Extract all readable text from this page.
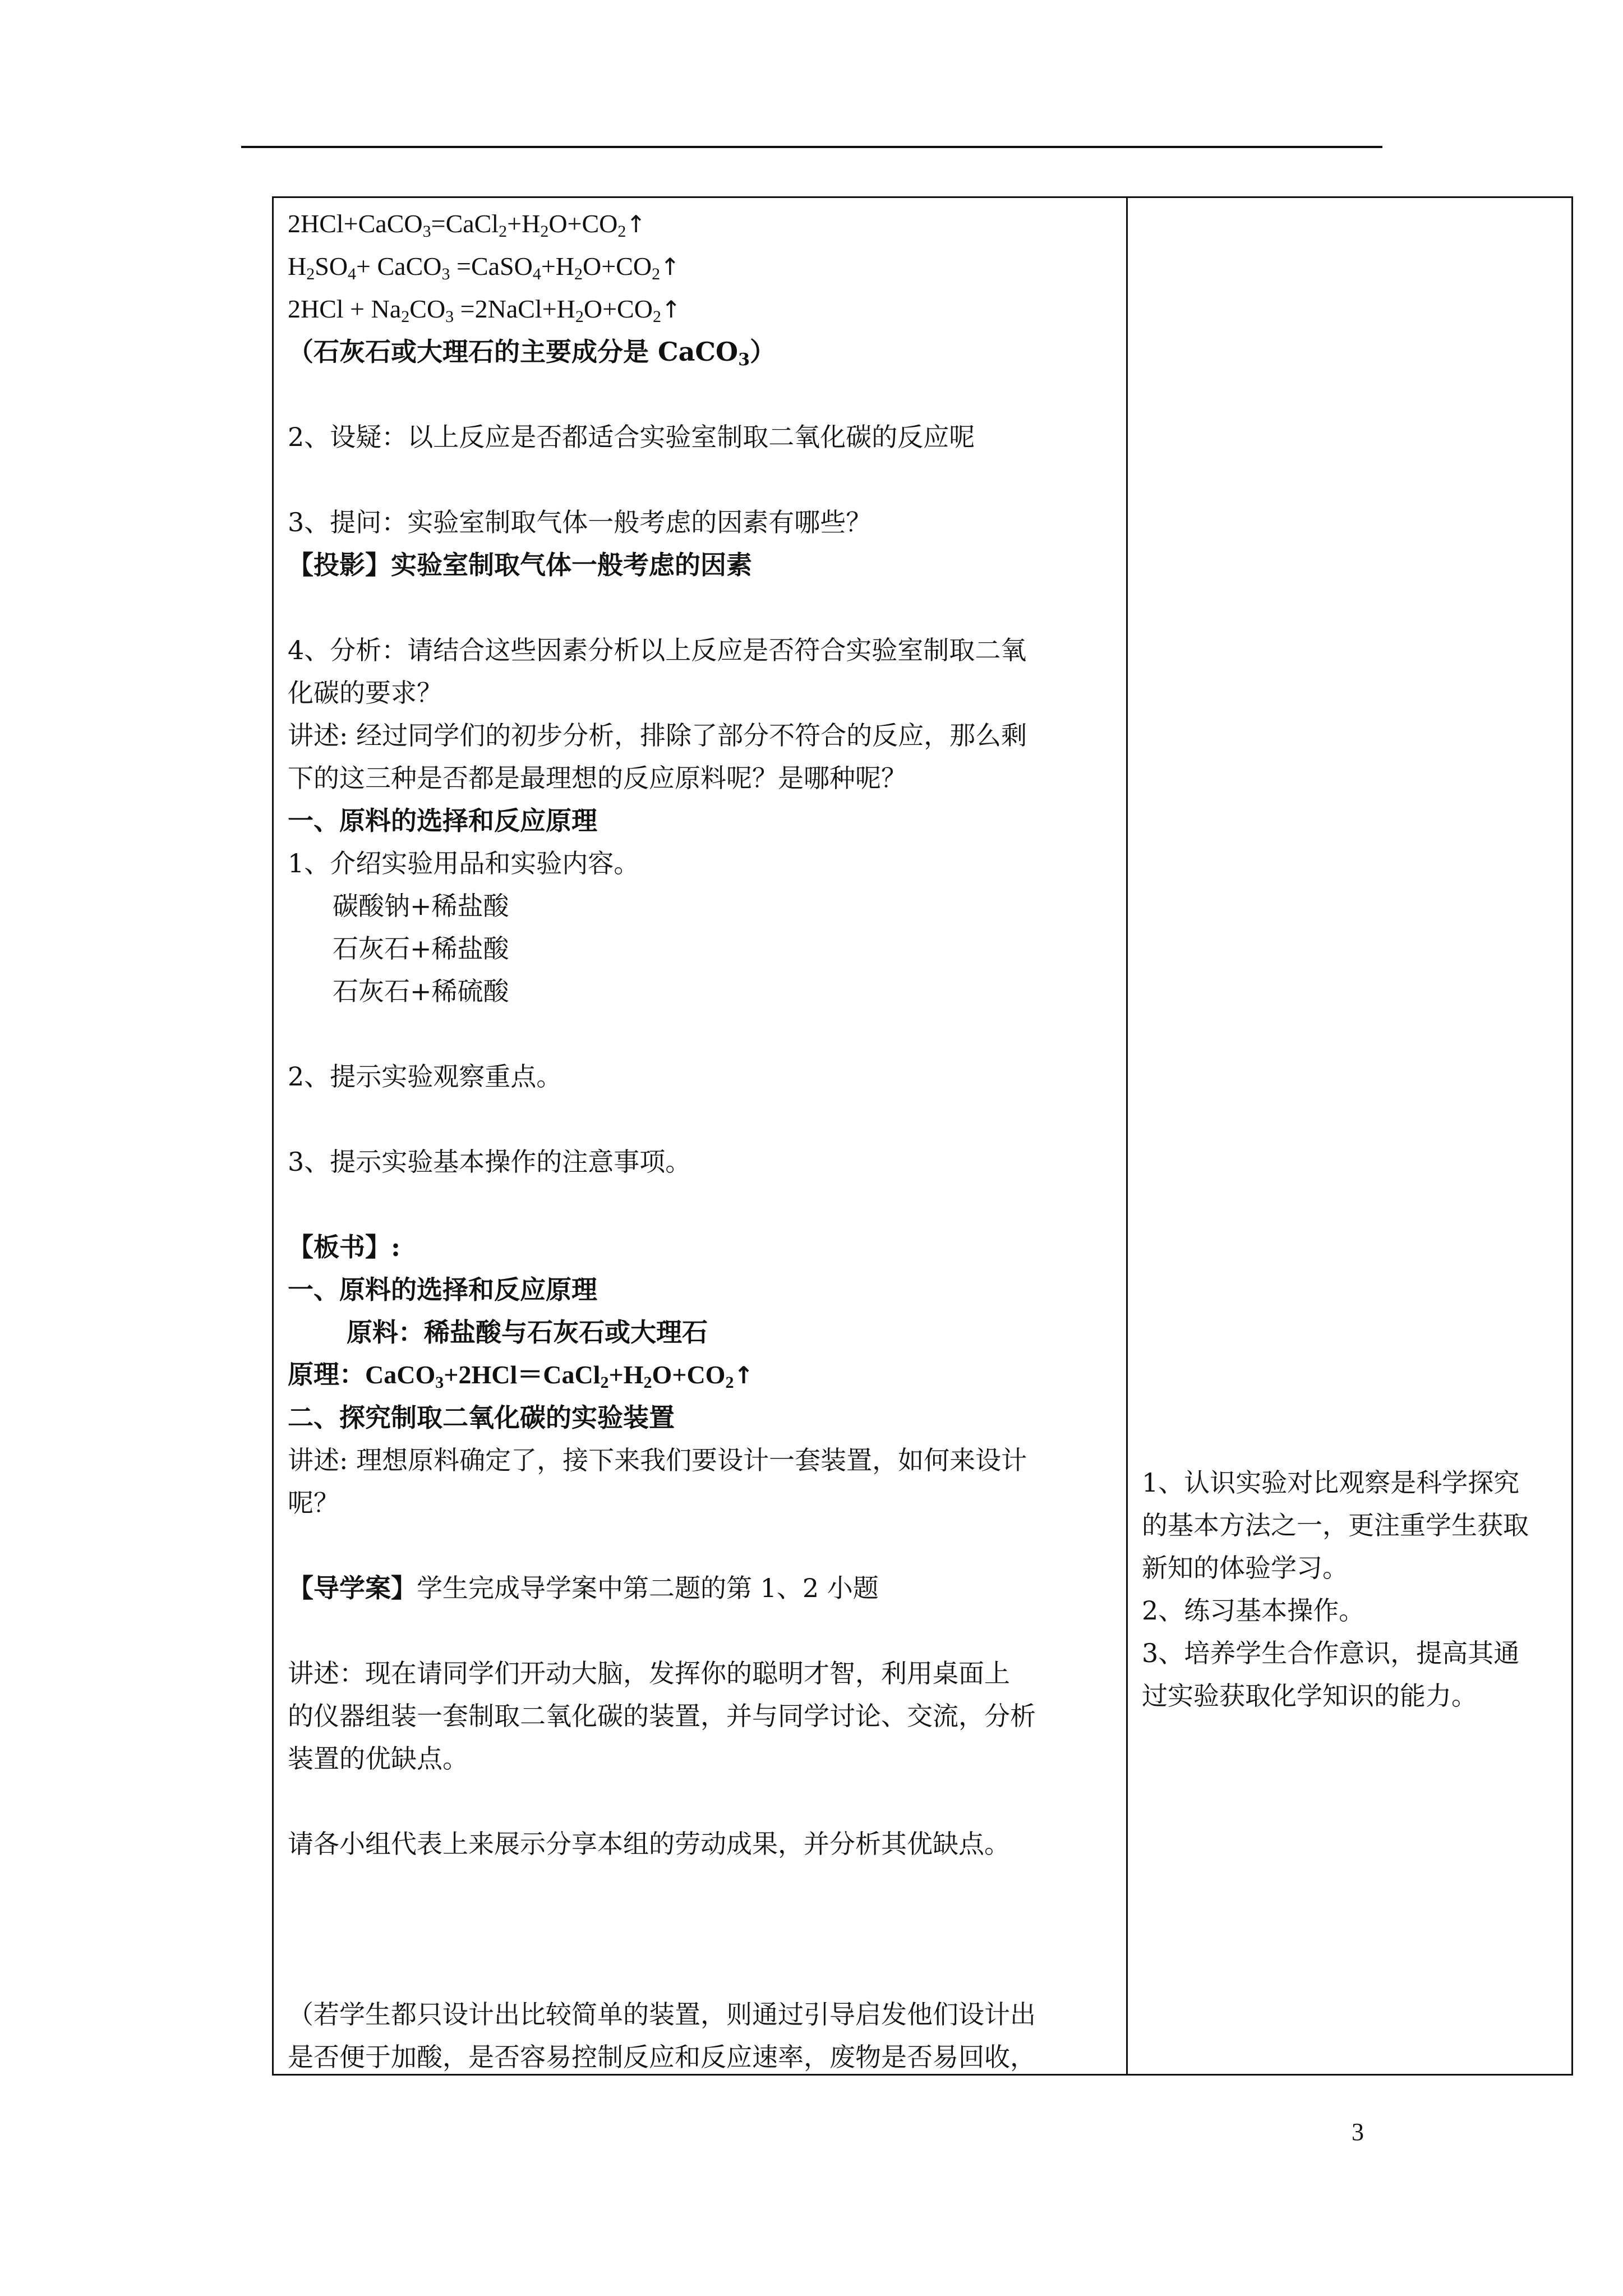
$2HCl+CaCO_3=CaCl_2+H_2O+CO_2↑$
$H_2SO_4+$ CaCO$_3$ $=CaSO_4+H_2O+CO_2↑$
$2HCl + Na_2CO_3$ $=2NaCl+H_2O+CO_2↑$
（石灰石或大理石的主要成分是 CaCO$_3$）
2、设疑：以上反应是否都适合实验室制取二氧化碳的反应呢
3、提问：实验室制取气体一般考虑的因素有哪些？
【投影】实验室制取气体一般考虑的因素
4、分析：请结合这些因素分析以上反应是否符合实验室制取二氧
化碳的要求？
讲述: 经过同学们的初步分析，排除了部分不符合的反应，那么剩
下的这三种是否都是最理想的反应原料呢？是哪种呢？
一、原料的选择和反应原理
1、介绍实验用品和实验内容。
碳酸钠+稀盐酸
石灰石+稀盐酸
石灰石+稀硫酸
2、提示实验观察重点。
3、提示实验基本操作的注意事项。
【板书】:
一、原料的选择和反应原理
原料：稀盐酸与石灰石或大理石
原理：$CaCO_3+2HCl=CaCl_2+H_2O+CO_2↑$
二、探究制取二氧化碳的实验装置
讲述: 理想原料确定了，接下来我们要设计一套装置，如何来设计
呢？
【导学案】学生完成导学案中第二题的第 1、2 小题
讲述：现在请同学们开动大脑，发挥你的聪明才智，利用桌面上
的仪器组装一套制取二氧化碳的装置，并与同学讨论、交流，分析
装置的优缺点。
请各小组代表上来展示分享本组的劳动成果，并分析其优缺点。
（若学生都只设计出比较简单的装置，则通过引导启发他们设计出
是否便于加酸，是否容易控制反应和反应速率，废物是否易回收，
1、认识实验对比观察是科学探究
的基本方法之一，更注重学生获取
新知的体验学习。
2、练习基本操作。
3、培养学生合作意识，提高其通
过实验获取化学知识的能力。
3
